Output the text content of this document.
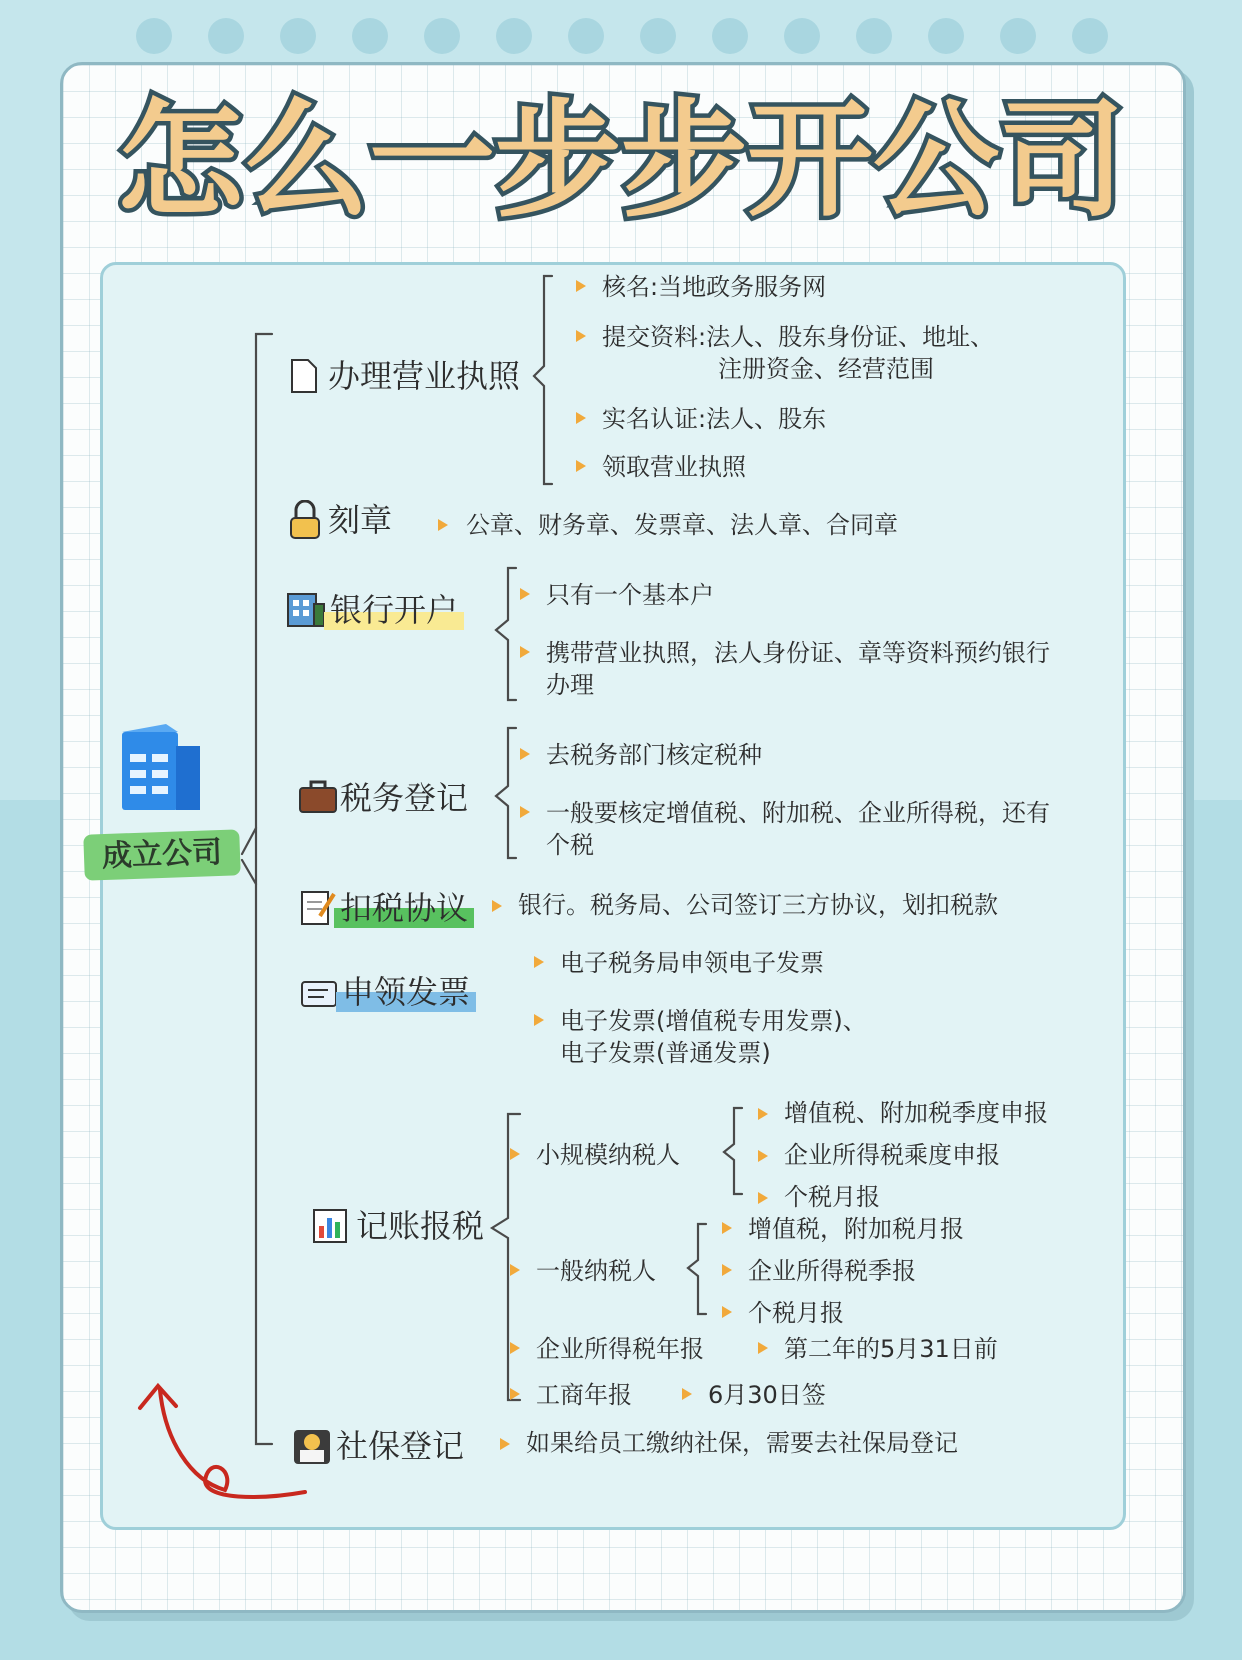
怎么一步步开公司
成立公司
办理营业执照
核名:当地政务服务网
提交资料:法人、股东身份证、地址、
注册资金、经营范围
实名认证:法人、股东
领取营业执照
刻章	公章、财务章、发票章、法人章、合同章
银行开户	只有一个基本户
携带营业执照，法人身份证、章等资料预约银行
办理
税务登记
去税务部门核定税种
一般要核定增值税、附加税、企业所得税，还有
个税
扣税协议 银行。税务局、公司签订三方协议，划扣税款
申领发票
电子税务局申领电子发票
电子发票(增值税专用发票)、
电子发票(普通发票)
记账报税
小规模纳税人
增值税、附加税季度申报
企业所得税乘度申报
个税月报
一般纳税人
增值税，附加税月报
企业所得税季报
个税月报
企业所得税年报	第二年的5月31日前
工商年报	6月30日签
社保登记	如果给员工缴纳社保，需要去社保局登记
